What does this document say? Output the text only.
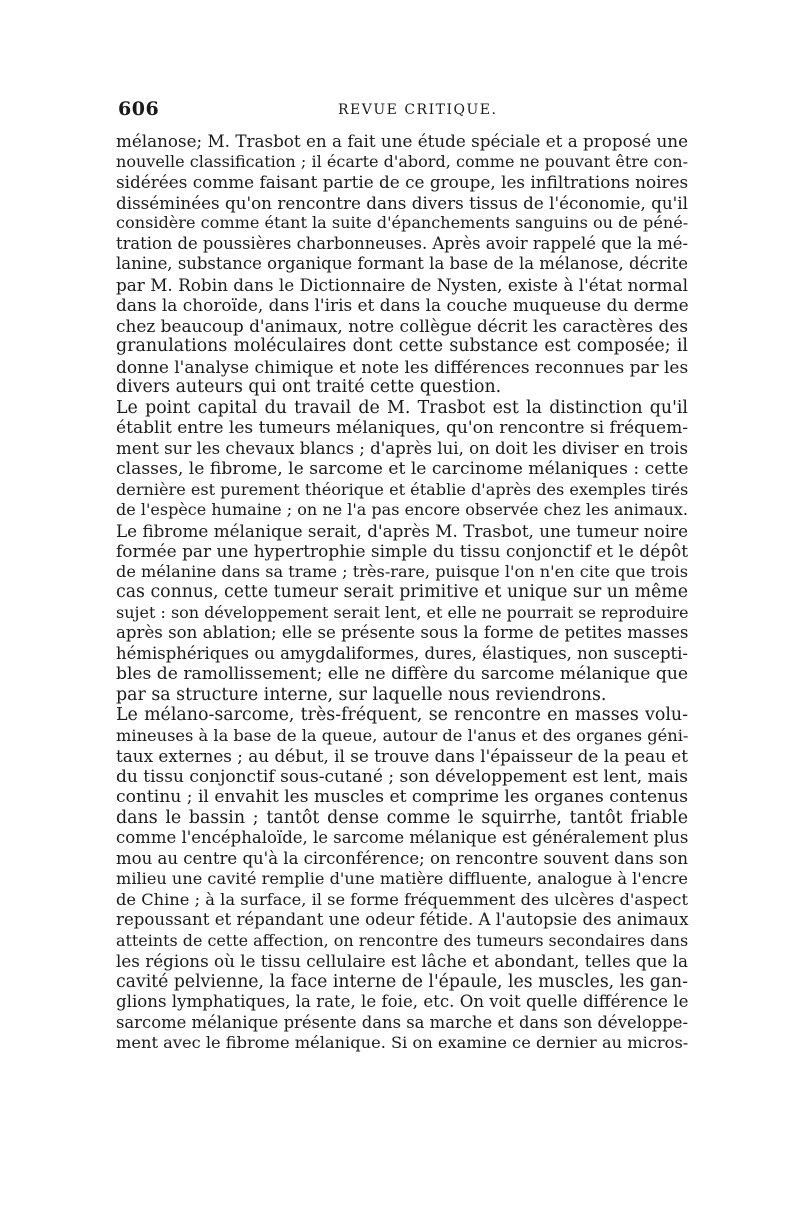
606	REVUE CRITIQUE.
mélanose; M. Trasbot en a fait une étude spéciale et a proposé une
nouvelle classification ; il écarte d'abord, comme ne pouvant être con-
sidérées comme faisant partie de ce groupe, les infiltrations noires
disséminées qu'on rencontre dans divers tissus de l'économie, qu'il
considère comme étant la suite d'épanchements sanguins ou de péné-
tration de poussières charbonneuses. Après avoir rappelé que la mé-
lanine, substance organique formant la base de la mélanose, décrite
par M. Robin dans le Dictionnaire de Nysten, existe à l'état normal
dans la choroïde, dans l'iris et dans la couche muqueuse du derme
chez beaucoup d'animaux, notre collègue décrit les caractères des
granulations moléculaires dont cette substance est composée; il
donne l'analyse chimique et note les différences reconnues par les
divers auteurs qui ont traité cette question.
Le point capital du travail de M. Trasbot est la distinction qu'il
établit entre les tumeurs mélaniques, qu'on rencontre si fréquem-
ment sur les chevaux blancs ; d'après lui, on doit les diviser en trois
classes, le fibrome, le sarcome et le carcinome mélaniques : cette
dernière est purement théorique et établie d'après des exemples tirés
de l'espèce humaine ; on ne l'a pas encore observée chez les animaux.
Le fibrome mélanique serait, d'après M. Trasbot, une tumeur noire
formée par une hypertrophie simple du tissu conjonctif et le dépôt
de mélanine dans sa trame ; très-rare, puisque l'on n'en cite que trois
cas connus, cette tumeur serait primitive et unique sur un même
sujet : son développement serait lent, et elle ne pourrait se reproduire
après son ablation; elle se présente sous la forme de petites masses
hémisphériques ou amygdaliformes, dures, élastiques, non suscepti-
bles de ramollissement; elle ne diffère du sarcome mélanique que
par sa structure interne, sur laquelle nous reviendrons.
Le mélano-sarcome, très-fréquent, se rencontre en masses volu-
mineuses à la base de la queue, autour de l'anus et des organes géni-
taux externes ; au début, il se trouve dans l'épaisseur de la peau et
du tissu conjonctif sous-cutané ; son développement est lent, mais
continu ; il envahit les muscles et comprime les organes contenus
dans le bassin ; tantôt dense comme le squirrhe, tantôt friable
comme l'encéphaloïde, le sarcome mélanique est généralement plus
mou au centre qu'à la circonférence; on rencontre souvent dans son
milieu une cavité remplie d'une matière diffluente, analogue à l'encre
de Chine ; à la surface, il se forme fréquemment des ulcères d'aspect
repoussant et répandant une odeur fétide. A l'autopsie des animaux
atteints de cette affection, on rencontre des tumeurs secondaires dans
les régions où le tissu cellulaire est lâche et abondant, telles que la
cavité pelvienne, la face interne de l'épaule, les muscles, les gan-
glions lymphatiques, la rate, le foie, etc. On voit quelle différence le
sarcome mélanique présente dans sa marche et dans son développe-
ment avec le fibrome mélanique. Si on examine ce dernier au micros-
